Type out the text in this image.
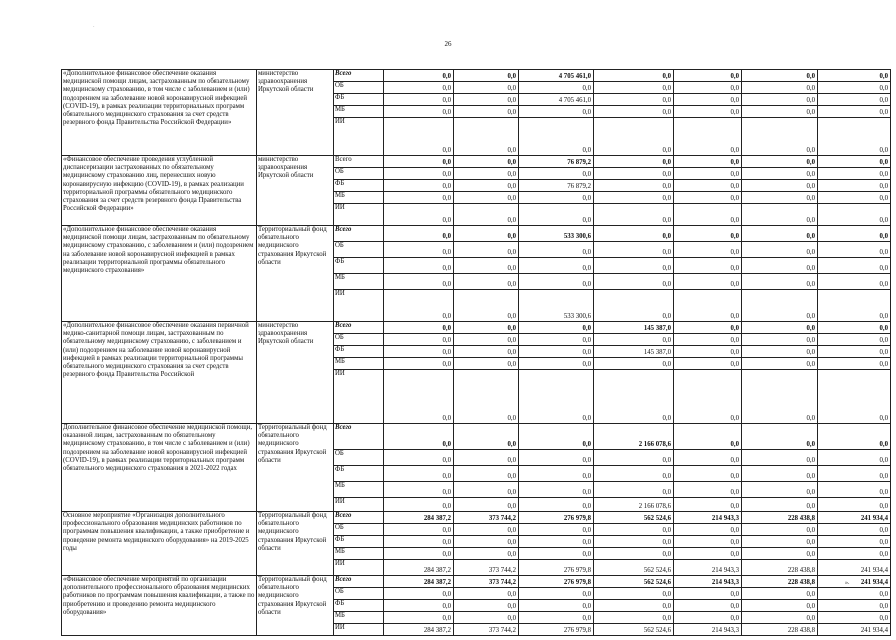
26
·
«Дополнительное финансовое обеспечение оказания медицинской помощи лицам, застрахованным по обязательному медицинскому страхованию, в том числе с заболеванием и (или) подозрением на заболевание новой коронавирусной инфекцией (COVID-19), в рамках реализации территориальных программ обязательного медицинского страхования за счет средств резервного фонда Правительства Российской Федерации»	министерство здравоохранения Иркутской области	Всего	0,0	0,0	4 705 461,0	0,0	0,0	0,0	0,0
		ОБ	0,0	0,0	0,0	0,0	0,0	0,0	0,0
		ФБ	0,0	0,0	4 705 461,0	0,0	0,0	0,0	0,0
		МБ	0,0	0,0	0,0	0,0	0,0	0,0	0,0
		ИИ	0,0	0,0	0,0	0,0	0,0	0,0	0,0
«Финансовое обеспечение проведения углубленной диспансеризации застрахованных по обязательному медицинскому страхованию лиц, перенесших новую коронавирусную инфекцию (COVID-19), в рамках реализации территориальной программы обязательного медицинского страхования за счет средств резервного фонда Правительства Российской Федерации»	министерство здравоохранения Иркутской области	Всего	0,0	0,0	76 879,2	0,0	0,0	0,0	0,0
		ОБ	0,0	0,0	0,0	0,0	0,0	0,0	0,0
		ФБ	0,0	0,0	76 879,2	0,0	0,0	0,0	0,0
		МБ	0,0	0,0	0,0	0,0	0,0	0,0	0,0
		ИИ	0,0	0,0	0,0	0,0	0,0	0,0	0,0
«Дополнительное финансовое обеспечение оказания медицинской помощи лицам, застрахованным по обязательному медицинскому страхованию, с заболеванием и (или) подозрением на заболевание новой коронавирусной инфекцией в рамках реализации территориальной программы обязательного медицинского страхования»	Территориальный фонд обязательного медицинского страхования Иркутской области	Всего	0,0	0,0	533 300,6	0,0	0,0	0,0	0,0
		ОБ	0,0	0,0	0,0	0,0	0,0	0,0	0,0
		ФБ	0,0	0,0	0,0	0,0	0,0	0,0	0,0
		МБ	0,0	0,0	0,0	0,0	0,0	0,0	0,0
		ИИ	0,0	0,0	533 300,6	0,0	0,0	0,0	0,0
«Дополнительное финансовое обеспечение оказания первичной медико-санитарной помощи лицам, застрахованным по обязательному медицинскому страхованию, с заболеванием и (или) подозрением на заболевание новой коронавирусной инфекцией в рамках реализации территориальной программы обязательного медицинского страхования за счет средств резервного фонда Правительства Российской	министерство здравоохранения Иркутской области	Всего	0,0	0,0	0,0	145 387,0	0,0	0,0	0,0
		ОБ	0,0	0,0	0,0	0,0	0,0	0,0	0,0
		ФБ	0,0	0,0	0,0	145 387,0	0,0	0,0	0,0
		МБ	0,0	0,0	0,0	0,0	0,0	0,0	0,0
		ИИ	0,0	0,0	0,0	0,0	0,0	0,0	0,0
Дополнительное финансовое обеспечение медицинской помощи, оказанной лицам, застрахованным по обязательному медицинскому страхованию, в том числе с заболеванием и (или) подозрением на заболевание новой коронавирусной инфекцией (COVID-19), в рамках реализации территориальных программ обязательного медицинского страхования в 2021-2022 годах	Территориальный фонд обязательного медицинского страхования Иркутской области	Всего	0,0	0,0	0,0	2 166 078,6	0,0	0,0	0,0
		ОБ	0,0	0,0	0,0	0,0	0,0	0,0	0,0
		ФБ	0,0	0,0	0,0	0,0	0,0	0,0	0,0
		МБ	0,0	0,0	0,0	0,0	0,0	0,0	0,0
		ИИ	0,0	0,0	0,0	2 166 078,6	0,0	0,0	0,0
Основное мероприятие «Организация дополнительного профессионального образования медицинских работников по программам повышения квалификации, а также приобретение и проведение ремонта медицинского оборудования» на 2019-2025 годы	Территориальный фонд обязательного медицинского страхования Иркутской области	Всего	284 387,2	373 744,2	276 979,8	562 524,6	214 943,3	228 438,8	241 934,4
		ОБ	0,0	0,0	0,0	0,0	0,0	0,0	0,0
		ФБ	0,0	0,0	0,0	0,0	0,0	0,0	0,0
		МБ	0,0	0,0	0,0	0,0	0,0	0,0	0,0
		ИИ	284 387,2	373 744,2	276 979,8	562 524,6	214 943,3	228 438,8	241 934,4
«Финансовое обеспечение мероприятий по организации дополнительного профессионального образования медицинских работников по программам повышения квалификации, а также по приобретению и проведению ремонта медицинского оборудования»	Территориальный фонд обязательного медицинского страхования Иркутской области	Всего	284 387,2	373 744,2	276 979,8	562 524,6	214 943,3	228 438,8	241 934,4
		ОБ	0,0	0,0	0,0	0,0	0,0	0,0	0,0
		ФБ	0,0	0,0	0,0	0,0	0,0	0,0	0,0
		МБ	0,0	0,0	0,0	0,0	0,0	0,0	0,0
		ИИ	284 387,2	373 744,2	276 979,8	562 524,6	214 943,3	228 438,8	241 934,4
».
